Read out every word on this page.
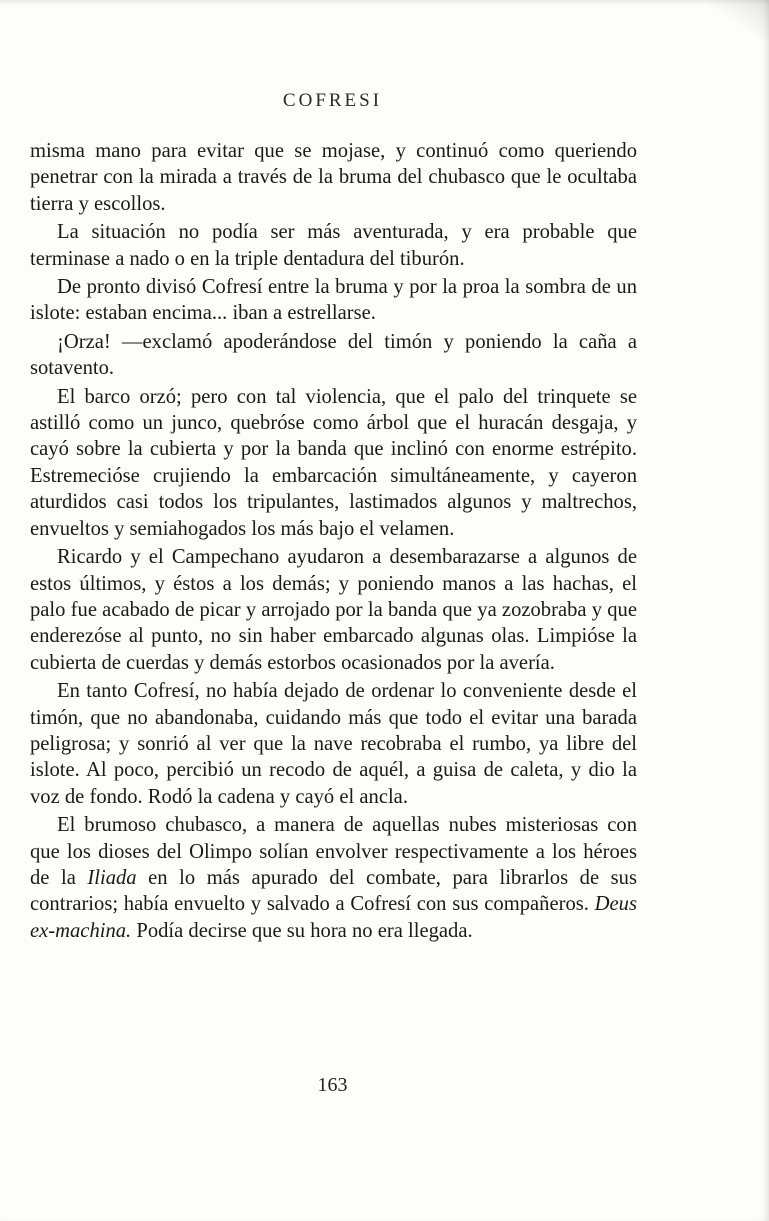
COFRESI

misma mano para evitar que se mojase, y continuó como queriendo penetrar con la mirada a través de la bruma del chubasco que le ocultaba tierra y escollos.

La situación no podía ser más aventurada, y era probable que terminase a nado o en la triple dentadura del tiburón.

De pronto divisó Cofresí entre la bruma y por la proa la sombra de un islote: estaban encima... iban a estrellarse.

¡Orza! —exclamó apoderándose del timón y poniendo la caña a sotavento.

El barco orzó; pero con tal violencia, que el palo del trinquete se astilló como un junco, quebróse como árbol que el huracán desgaja, y cayó sobre la cubierta y por la banda que inclinó con enorme estrépito. Estremecióse crujiendo la embarcación simultáneamente, y cayeron aturdidos casi todos los tripulantes, lastimados algunos y maltrechos, envueltos y semiahogados los más bajo el velamen.

Ricardo y el Campechano ayudaron a desembarazarse a algunos de estos últimos, y éstos a los demás; y poniendo manos a las hachas, el palo fue acabado de picar y arrojado por la banda que ya zozobraba y que enderezóse al punto, no sin haber embarcado algunas olas. Limpióse la cubierta de cuerdas y demás estorbos ocasionados por la avería.

En tanto Cofresí, no había dejado de ordenar lo conveniente desde el timón, que no abandonaba, cuidando más que todo el evitar una barada peligrosa; y sonrió al ver que la nave recobraba el rumbo, ya libre del islote. Al poco, percibió un recodo de aquél, a guisa de caleta, y dio la voz de fondo. Rodó la cadena y cayó el ancla.

El brumoso chubasco, a manera de aquellas nubes misteriosas con que los dioses del Olimpo solían envolver respectivamente a los héroes de la Iliada en lo más apurado del combate, para librarlos de sus contrarios; había envuelto y salvado a Cofresí con sus compañeros. Deus ex-machina. Podía decirse que su hora no era llegada.

163
